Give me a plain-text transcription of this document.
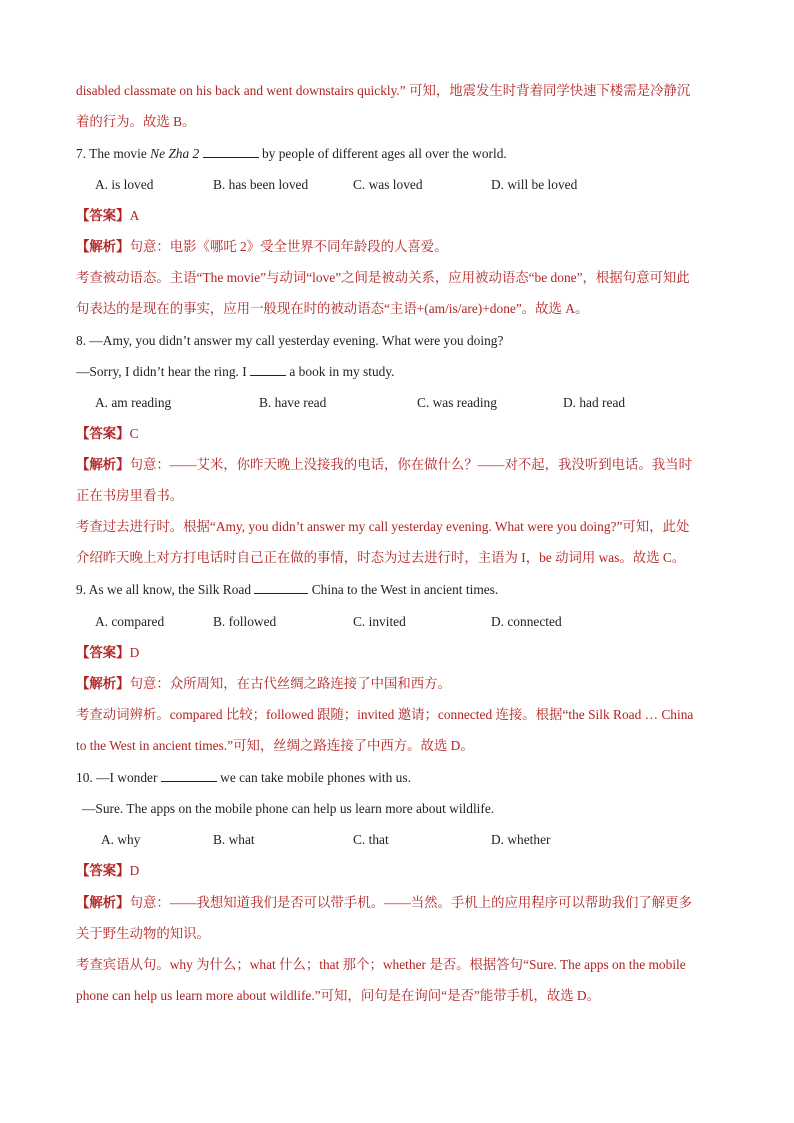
disabled classmate on his back and went downstairs quickly.” 可知，地震发生时背着同学快速下楼需是冷静沉
着的行为。故选 B。
7. The movie Ne Zha 2	by people of different ages all over the world.
A. is loved	B. has been loved	C. was loved	D. will be loved
【答案】A
【解析】句意：电影《哪吒 2》受全世界不同年龄段的人喜爱。
考查被动语态。主语“The movie”与动词“love”之间是被动关系，应用被动语态“be done”，根据句意可知此
句表达的是现在的事实，应用一般现在时的被动语态“主语+(am/is/are)+done”。故选 A。
8. —Amy, you didn’t answer my call yesterday evening. What were you doing?
—Sorry, I didn’t hear the ring. I	a book in my study.
A. am reading	B. have read	C. was reading	D. had read
【答案】C
【解析】句意：——艾米，你昨天晚上没接我的电话，你在做什么？——对不起，我没听到电话。我当时
正在书房里看书。
考查过去进行时。根据“Amy, you didn’t answer my call yesterday evening. What were you doing?”可知，此处
介绍昨天晚上对方打电话时自己正在做的事情，时态为过去进行时，主语为 I，be 动词用 was。故选 C。
9. As we all know, the Silk Road	China to the West in ancient times.
A. compared	B. followed	C. invited	D. connected
【答案】D
【解析】句意：众所周知，在古代丝绸之路连接了中国和西方。
考查动词辨析。compared 比较；followed 跟随；invited 邀请；connected 连接。根据“the Silk Road … China
to the West in ancient times.”可知，丝绸之路连接了中西方。故选 D。
10. —I wonder	we can take mobile phones with us.
—Sure. The apps on the mobile phone can help us learn more about wildlife.
A. why	B. what	C. that	D. whether
【答案】D
【解析】句意：——我想知道我们是否可以带手机。——当然。手机上的应用程序可以帮助我们了解更多
关于野生动物的知识。
考查宾语从句。why 为什么；what 什么；that 那个；whether 是否。根据答句“Sure. The apps on the mobile
phone can help us learn more about wildlife.”可知，问句是在询问“是否”能带手机，故选 D。
